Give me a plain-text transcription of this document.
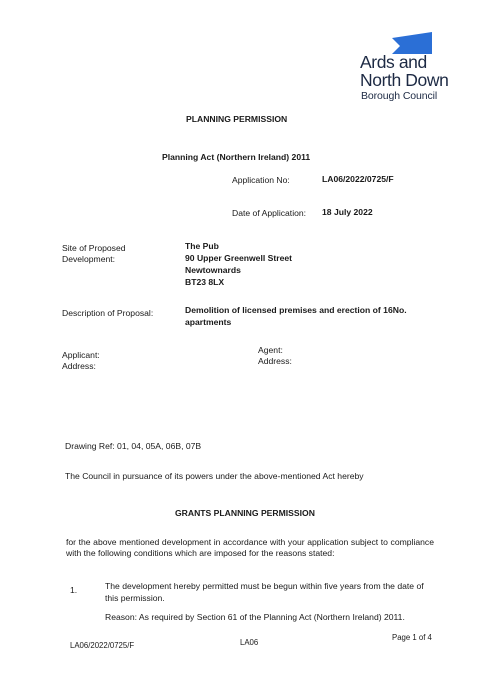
Ards and
North Down
Borough Council
PLANNING PERMISSION
Planning Act (Northern Ireland) 2011
Application No:	LA06/2022/0725/F
Date of Application: 18 July 2022
Site of Proposed
Development:
The Pub
90 Upper Greenwell Street
Newtownards
BT23 8LX
Description of Proposal:	Demolition of licensed premises and erection of 16No.
apartments
Applicant:
Address:
Agent:
Address:
Drawing Ref: 01, 04, 05A, 06B, 07B
The Council in pursuance of its powers under the above-mentioned Act hereby
GRANTS PLANNING PERMISSION
for the above mentioned development in accordance with your application subject to compliance with the following conditions which are imposed for the reasons stated:
1.	The development hereby permitted must be begun within five years from the date of
this permission.
Reason: As required by Section 61 of the Planning Act (Northern Ireland) 2011.
LA06/2022/0725/F	LA06
Page 1 of 4
